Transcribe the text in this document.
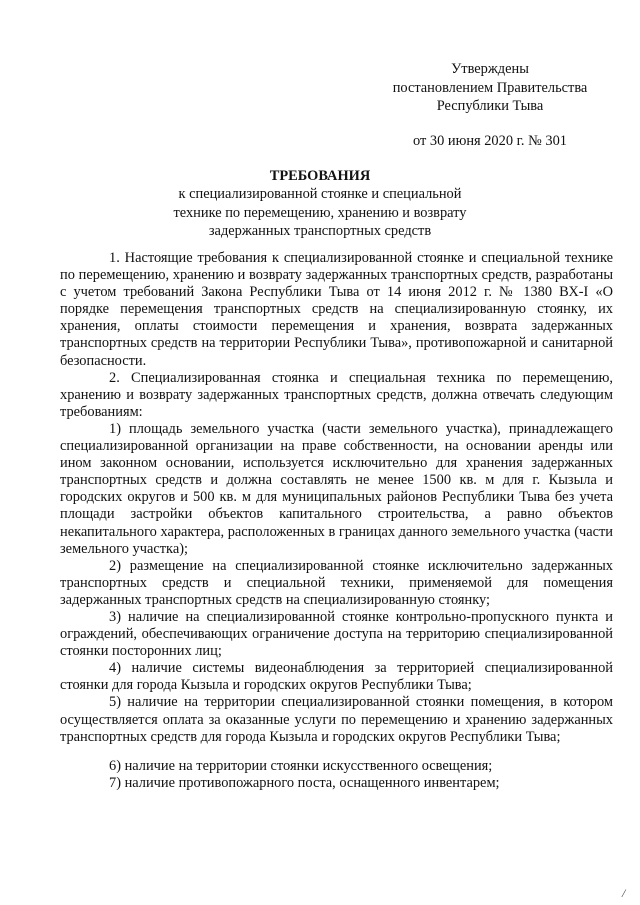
Утверждены
постановлением Правительства
Республики Тыва
от 30 июня 2020 г. № 301
ТРЕБОВАНИЯ
к специализированной стоянке и специальной
технике по перемещению, хранению и возврату
задержанных транспортных средств

1. Настоящие требования к специализированной стоянке и специальной технике по перемещению, хранению и возврату задержанных транспортных средств, разработаны с учетом требований Закона Республики Тыва от 14 июня 2012 г. № 1380 ВХ-I «О порядке перемещения транспортных средств на специализированную стоянку, их хранения, оплаты стоимости перемещения и хранения, возврата задержанных транспортных средств на территории Республики Тыва», противопожарной и санитарной безопасности.

2. Специализированная стоянка и специальная техника по перемещению, хранению и возврату задержанных транспортных средств, должна отвечать следующим требованиям:

1) площадь земельного участка (части земельного участка), принадлежащего специализированной организации на праве собственности, на основании аренды или ином законном основании, используется исключительно для хранения задержанных транспортных средств и должна составлять не менее 1500 кв. м для г. Кызыла и городских округов и 500 кв. м для муниципальных районов Республики Тыва без учета площади застройки объектов капитального строительства, а равно объектов некапитального характера, расположенных в границах данного земельного участка (части земельного участка);

2) размещение на специализированной стоянке исключительно задержанных транспортных средств и специальной техники, применяемой для помещения задержанных транспортных средств на специализированную стоянку;

3) наличие на специализированной стоянке контрольно-пропускного пункта и ограждений, обеспечивающих ограничение доступа на территорию специализированной стоянки посторонних лиц;

4) наличие системы видеонаблюдения за территорией специализированной стоянки для города Кызыла и городских округов Республики Тыва;

5) наличие на территории специализированной стоянки помещения, в котором осуществляется оплата за оказанные услуги по перемещению и хранению задержанных транспортных средств для города Кызыла и городских округов Республики Тыва;

6) наличие на территории стоянки искусственного освещения;

7) наличие противопожарного поста, оснащенного инвентарем;

/
